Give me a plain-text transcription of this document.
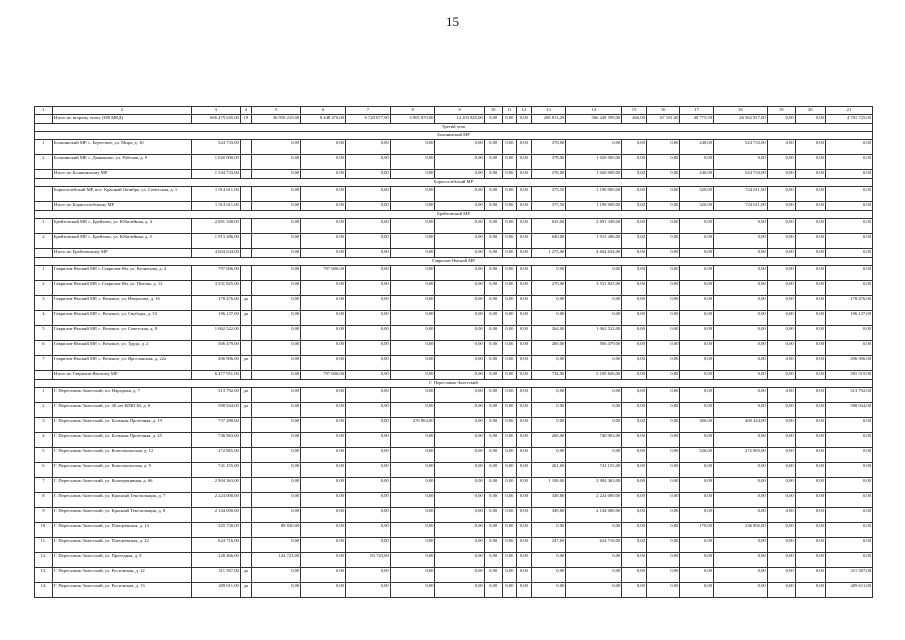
15
1	2	3	4	5	6	7	8	9	10	11	12	13	14	15	16	17	18	19	20	21
	Итого по второму этапу (388 МКД)	666 479 645,00	19	36 950 210,00	8 448 476,00	6 720 677,00	3 905 870,00	12 103 845,00	0,00	0,00	0,00	208 813,29	566 249 599,00	466,00	67 101,00	40 775,59	26 562 817,00	0,00	0,00	4 701 725,00
Третий этап																				
Болшинский МР																				
1	Болшинский МР, с. Береговое, ул. Мира, д. 10	524 733,00		0,00	0,00	0,00	0,00	0,00	0,00	0,00	0,00	378,00	0,00	0,00	0,00	240,00	524 733,00	0,00	0,00	0,00
2	Болшинский МР, с. Дьяконово, ул. Рабочая, д. 9	1 020 000,00		0,00	0,00	0,00	0,00	0,00	0,00	0,00	0,00	378,00	1 020 000,00	0,00	0,00	0,00	0,00	0,00	0,00	0,00
	Итого по Болшинскому МР	1 544 733,00		0,00	0,00	0,00	0,00	0,00	0,00	0,00	0,00	378,00	1 020 000,00	0,00	0,00	240,00	524 733,00	0,00	0,00	0,00
Борисоглебский МР																				
	Борисоглебский МР, пос. Красный Октябрь, ул. Советская, д. 1	1 914 611,00		0,00	0,00	0,00	0,00	0,00	0,00	0,00	0,00	375,50	1 190 000,00	0,00	0,00	320,00	724 611,00	0,00	0,00	0,00
	Итого по Борисоглебскому МР	1 914 611,00		0,00	0,00	0,00	0,00	0,00	0,00	0,00	0,00	375,50	1 190 000,00	0,00	0,00	320,00	724 611,00	0,00	0,00	0,00
Брейтовский МР																				
1	Брейтовский МР, с. Брейтово, ул. Юбилейная, д. 4	2 691 348,00		0,00	0,00	0,00	0,00	0,00	0,00	0,00	0,00	635,00	2 691 348,00	0,00	0,00	0,00	0,00	0,00	0,00	0,00
2	Брейтовский МР, с. Брейтово, ул. Юбилейная, д. 5	1 913 286,00		0,00	0,00	0,00	0,00	0,00	0,00	0,00	0,00	640,00	1 913 286,00	0,00	0,00	0,00	0,00	0,00	0,00	0,00
	Итого по Брейтовскому МР	4 604 634,00		0,00	0,00	0,00	0,00	0,00	0,00	0,00	0,00	1 275,00	4 604 634,00	0,00	0,00	0,00	0,00	0,00	0,00	0,00
Гаврилов-Ямский МР																				
1	Гаврилов-Ямский МР, г. Гаврилов-Ям, ул. Кузнецова, д. 4	797 606,00		0,00	797 606,00	0,00	0,00	0,00	0,00	0,00	0,00	0,00	0,00	0,00	0,00	0,00	0,00	0,00	0,00	0,00
2	Гаврилов-Ямский МР, г. Гаврилов-Ям, ул. Питова, д. 12	3 531 825,00		0,00	0,00	0,00	0,00	0,00	0,00	0,00	0,00	270,00	3 531 825,00	0,00	0,00	0,00	0,00	0,00	0,00	0,00
3	Гаврилов-Ямский МР, с. Великое, ул. Некрасова, д. 16	178 476,00	да	0,00	0,00	0,00	0,00	0,00	0,00	0,00	0,00	0,00	0,00	0,00	0,00	0,00	0,00	0,00	0,00	178 476,00
4	Гаврилов-Ямский МР, с. Великое, ул. Свободы, д. 33	196 137,00	да	0,00	0,00	0,00	0,00	0,00	0,00	0,00	0,00	0,00	0,00	0,00	0,00	0,00	0,00	0,00	0,00	196 137,00
5	Гаврилов-Ямский МР, с. Великое, ул. Советская, д. 8	1 062 522,00		0,00	0,00	0,00	0,00	0,00	0,00	0,00	0,00	264,00	1 062 522,00	0,00	0,00	0,00	0,00	0,00	0,00	0,00
6	Гаврилов-Ямский МР, с. Великое, ул. Труда, д. 2	506 479,00		0,00	0,00	0,00	0,00	0,00	0,00	0,00	0,00	200,00	506 479,00	0,00	0,00	0,00	0,00	0,00	0,00	0,00
7	Гаврилов-Ямский МР, с. Великое, ул. Ярославская, д. 22а	206 906,00	да	0,00	0,00	0,00	0,00	0,00	0,00	0,00	0,00	0,00	0,00	0,00	0,00	0,00	0,00	0,00	0,00	206 906,00
	Итого по Гаврилов-Ямскому МР	6 477 951,00		0,00	797 606,00	0,00	0,00	0,00	0,00	0,00	0,00	734,00	5 100 826,00	0,00	0,00	0,00	0,00	0,00	0,00	581 519,00
Г. Переславль-Залесский																				
1	Г. Переславль-Залесский, пл. Народная, д. 7	313 792,00	да	0,00	0,00	0,00	0,00	0,00	0,00	0,00	0,00	0,00	0,00	0,00	0,00	0,00	0,00	0,00	0,00	313 792,00
2	Г. Переславль-Залесский, ул. 40 лет ВЛКСМ, д. 8	588 944,00	да	0,00	0,00	0,00	0,00	0,00	0,00	0,00	0,00	0,00	0,00	0,00	0,00	0,00	0,00	0,00	0,00	588 944,00
3	Г. Переславль-Залесский, ул. Большая Протечная, д. 19	737 288,00		0,00	0,00	0,00	276 864,00	0,00	0,00	0,00	0,00	0,00	0,00	0,00	0,00	306,00	460 424,00	0,00	0,00	0,00
4	Г. Переславль-Залесский, ул. Большая Протечная, д. 25	746 963,00		0,00	0,00	0,00	0,00	0,00	0,00	0,00	0,00	260,00	746 963,00	0,00	0,00	0,00	0,00	0,00	0,00	0,00
5	Г. Переславль-Залесский, ул. Комсомольская, д. 12	272 865,00		0,00	0,00	0,00	0,00	0,00	0,00	0,00	0,00	0,00	0,00	0,00	0,00	526,00	272 865,00	0,00	0,00	0,00
6	Г. Переславль-Залесский, ул. Комсомольская, д. 9	741 155,00		0,00	0,00	0,00	0,00	0,00	0,00	0,00	0,00	261,60	741 155,00	0,00	0,00	0,00	0,00	0,00	0,00	0,00
7	Г. Переславль-Залесский, ул. Кооперативная, д. 66	2 904 363,00		0,00	0,00	0,00	0,00	0,00	0,00	0,00	0,00	1 108,00	2 904 363,00	0,00	0,00	0,00	0,00	0,00	0,00	0,00
8	Г. Переславль-Залесский, ул. Красный Текстильщик, д. 7	2 224 000,00		0,00	0,00	0,00	0,00	0,00	0,00	0,00	0,00	349,80	2 224 000,00	0,00	0,00	0,00	0,00	0,00	0,00	0,00
9	Г. Переславль-Залесский, ул. Красный Текстильщик, д. 8	2 144 000,00		0,00	0,00	0,00	0,00	0,00	0,00	0,00	0,00	349,80	2 144 000,00	0,00	0,00	0,00	0,00	0,00	0,00	0,00
10.	Г. Переславль-Залесский, ул. Плещеевская, д. 14	325 730,00		88 830,00	0,00	0,00	0,00	0,00	0,00	0,00	0,00	0,00	0,00	0,00	0,00	170,00	236 892,00	0,00	0,00	0,00
11.	Г. Переславль-Залесский, ул. Плещеевская, д. 22	624 716,00		0,00	0,00	0,00	0,00	0,00	0,00	0,00	0,00	247,60	624 716,00	0,00	0,00	0,00	0,00	0,00	0,00	0,00
12.	Г. Переславль-Залесский, ул. Проездная, д. 8	228 466,00		144 723,00	0,00	83 743,00	0,00	0,00	0,00	0,00	0,00	0,00	0,00	0,00	0,00	0,00	0,00	0,00	0,00	0,00
13.	Г. Переславль-Залесский, ул. Ростовская, д. 12	311 567,00	да	0,00	0,00	0,00	0,00	0,00	0,00	0,00	0,00	0,00	0,00	0,00	0,00	0,00	0,00	0,00	0,00	311 567,00
14.	Г. Переславль-Залесский, ул. Ростовская, д. 13	209 611,00	да	0,00	0,00	0,00	0,00	0,00	0,00	0,00	0,00	0,00	0,00	0,00	0,00	0,00	0,00	0,00	0,00	209 611,00
